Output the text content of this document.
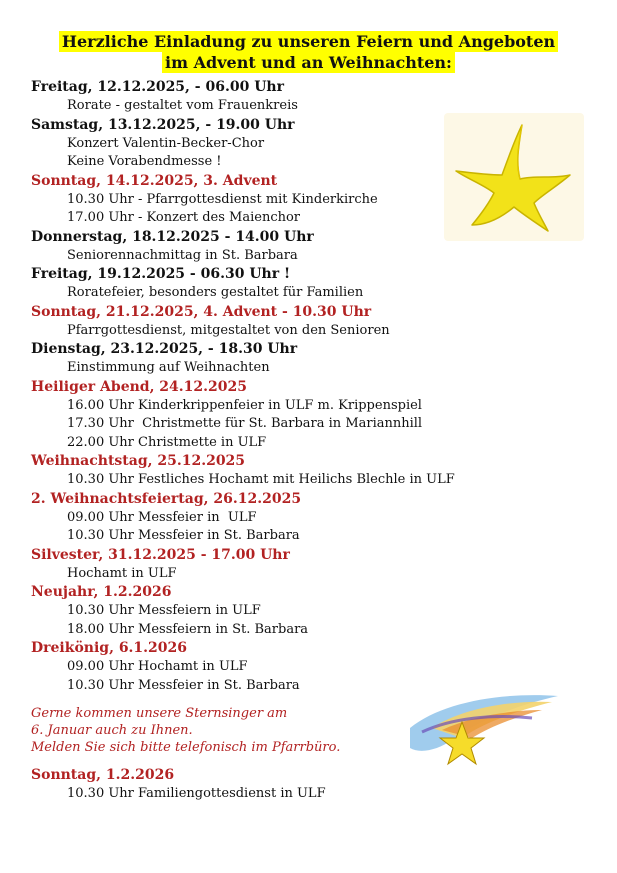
Herzliche Einladung zu unseren Feiern und Angeboten

im Advent und an Weihnachten:

Freitag, 12.12.2025, - 06.00 Uhr

Rorate - gestaltet vom Frauenkreis

Samstag, 13.12.2025, - 19.00 Uhr

Konzert Valentin-Becker-Chor

Keine Vorabendmesse !

Sonntag, 14.12.2025, 3. Advent

10.30 Uhr - Pfarrgottesdienst mit Kinderkirche

17.00 Uhr - Konzert des Maienchor

Donnerstag, 18.12.2025 - 14.00 Uhr

Seniorennachmittag in St. Barbara

Freitag, 19.12.2025 - 06.30 Uhr !

Roratefeier, besonders gestaltet für Familien

Sonntag, 21.12.2025, 4. Advent - 10.30 Uhr

Pfarrgottesdienst, mitgestaltet von den Senioren

Dienstag, 23.12.2025, - 18.30 Uhr

Einstimmung auf Weihnachten

Heiliger Abend, 24.12.2025

16.00 Uhr Kinderkrippenfeier in ULF m. Krippenspiel

17.30 Uhr  Christmette für St. Barbara in Mariannhill

22.00 Uhr Christmette in ULF

Weihnachtstag, 25.12.2025

10.30 Uhr Festliches Hochamt mit Heilichs Blechle in ULF

2. Weihnachtsfeiertag, 26.12.2025

09.00 Uhr Messfeier in  ULF

10.30 Uhr Messfeier in St. Barbara

Silvester, 31.12.2025 - 17.00 Uhr

Hochamt in ULF

Neujahr, 1.2.2026

10.30 Uhr Messfeiern in ULF

18.00 Uhr Messfeiern in St. Barbara

Dreikönig, 6.1.2026

09.00 Uhr Hochamt in ULF

10.30 Uhr Messfeier in St. Barbara

Gerne kommen unsere Sternsinger am

6. Januar auch zu Ihnen.

Melden Sie sich bitte telefonisch im Pfarrbüro.

Sonntag, 1.2.2026

10.30 Uhr Familiengottesdienst in ULF
